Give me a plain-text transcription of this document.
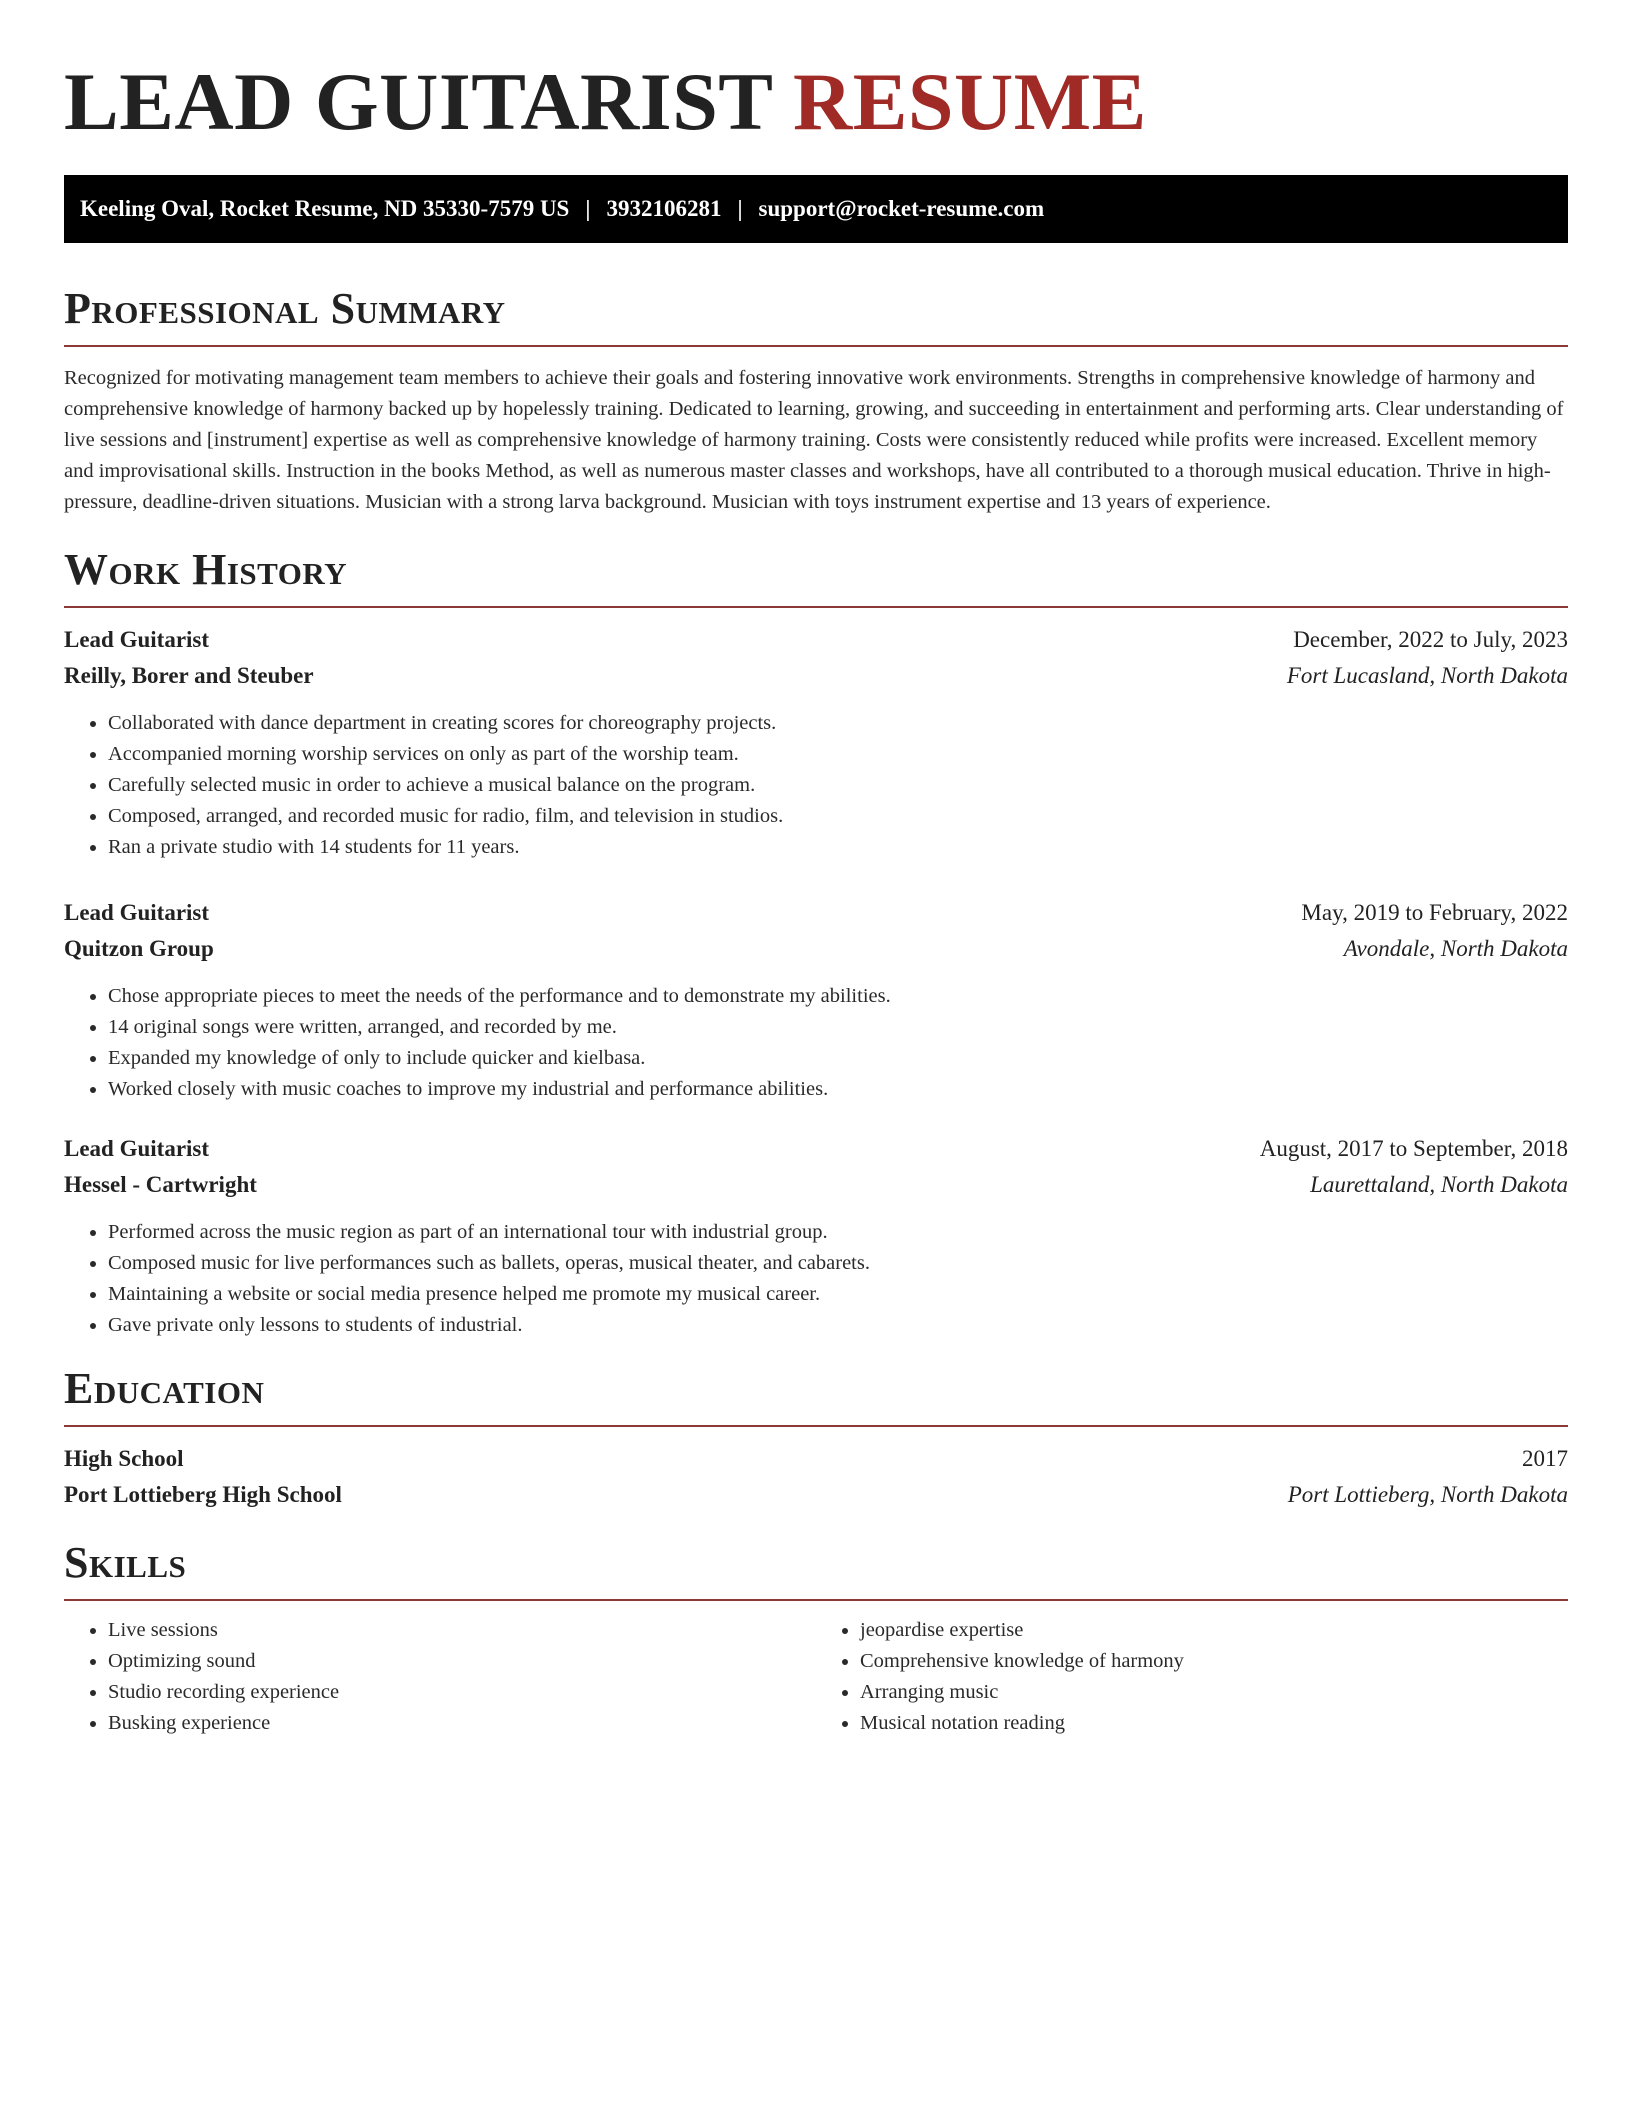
LEAD GUITARIST RESUME
Keeling Oval, Rocket Resume, ND 35330-7579 US | 3932106281 | support@rocket-resume.com
Professional Summary

Recognized for motivating management team members to achieve their goals and fostering innovative work environments. Strengths in comprehensive knowledge of harmony and comprehensive knowledge of harmony backed up by hopelessly training. Dedicated to learning, growing, and succeeding in entertainment and performing arts. Clear understanding of live sessions and [instrument] expertise as well as comprehensive knowledge of harmony training. Costs were consistently reduced while profits were increased. Excellent memory and improvisational skills. Instruction in the books Method, as well as numerous master classes and workshops, have all contributed to a thorough musical education. Thrive in high-pressure, deadline-driven situations. Musician with a strong larva background. Musician with toys instrument expertise and 13 years of experience.

Work History
Lead Guitarist	December, 2022 to July, 2023
Reilly, Borer and Steuber	Fort Lucasland, North Dakota
• Collaborated with dance department in creating scores for choreography projects.
• Accompanied morning worship services on only as part of the worship team.
• Carefully selected music in order to achieve a musical balance on the program.
• Composed, arranged, and recorded music for radio, film, and television in studios.
• Ran a private studio with 14 students for 11 years.
Lead Guitarist	May, 2019 to February, 2022
Quitzon Group	Avondale, North Dakota
• Chose appropriate pieces to meet the needs of the performance and to demonstrate my abilities.
• 14 original songs were written, arranged, and recorded by me.
• Expanded my knowledge of only to include quicker and kielbasa.
• Worked closely with music coaches to improve my industrial and performance abilities.
Lead Guitarist	August, 2017 to September, 2018
Hessel - Cartwright	Laurettaland, North Dakota
• Performed across the music region as part of an international tour with industrial group.
• Composed music for live performances such as ballets, operas, musical theater, and cabarets.
• Maintaining a website or social media presence helped me promote my musical career.
• Gave private only lessons to students of industrial.
Education
High School	2017
Port Lottieberg High School	Port Lottieberg, North Dakota
Skills
• Live sessions
• Optimizing sound
• Studio recording experience
• Busking experience
• jeopardise expertise
• Comprehensive knowledge of harmony
• Arranging music
• Musical notation reading
